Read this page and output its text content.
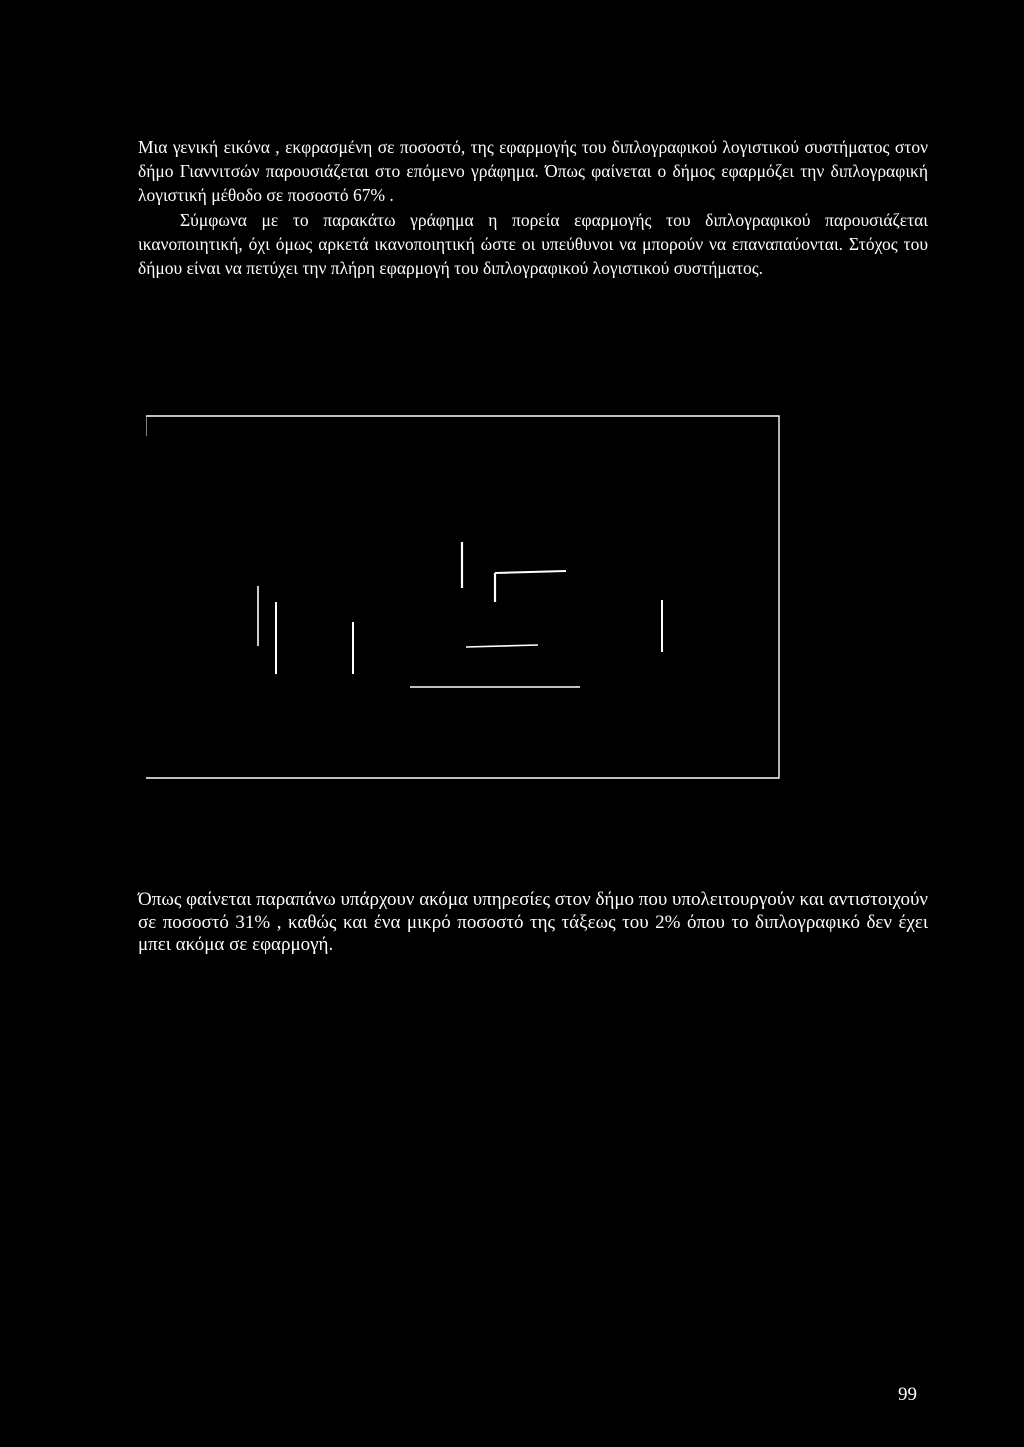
Μια γενική εικόνα , εκφρασμένη σε ποσοστό, της εφαρμογής του διπλογραφικού λογιστικού συστήματος στον δήμο Γιαννιτσών παρουσιάζεται στο επόμενο γράφημα. Όπως φαίνεται ο δήμος εφαρμόζει την διπλογραφική λογιστική μέθοδο σε ποσοστό 67% .
Σύμφωνα με το παρακάτω γράφημα η πορεία εφαρμογής του διπλογραφικού παρουσιάζεται ικανοποιητική, όχι όμως αρκετά ικανοποιητική ώστε οι υπεύθυνοι να μπορούν να επαναπαύονται. Στόχος του δήμου είναι να πετύχει την πλήρη εφαρμογή του διπλογραφικού λογιστικού συστήματος.

Όπως φαίνεται παραπάνω υπάρχουν ακόμα υπηρεσίες στον δήμο που υπολειτουργούν και αντιστοιχούν σε ποσοστό 31% , καθώς και ένα μικρό ποσοστό της τάξεως του 2% όπου το διπλογραφικό δεν έχει μπει ακόμα σε εφαρμογή.

99
